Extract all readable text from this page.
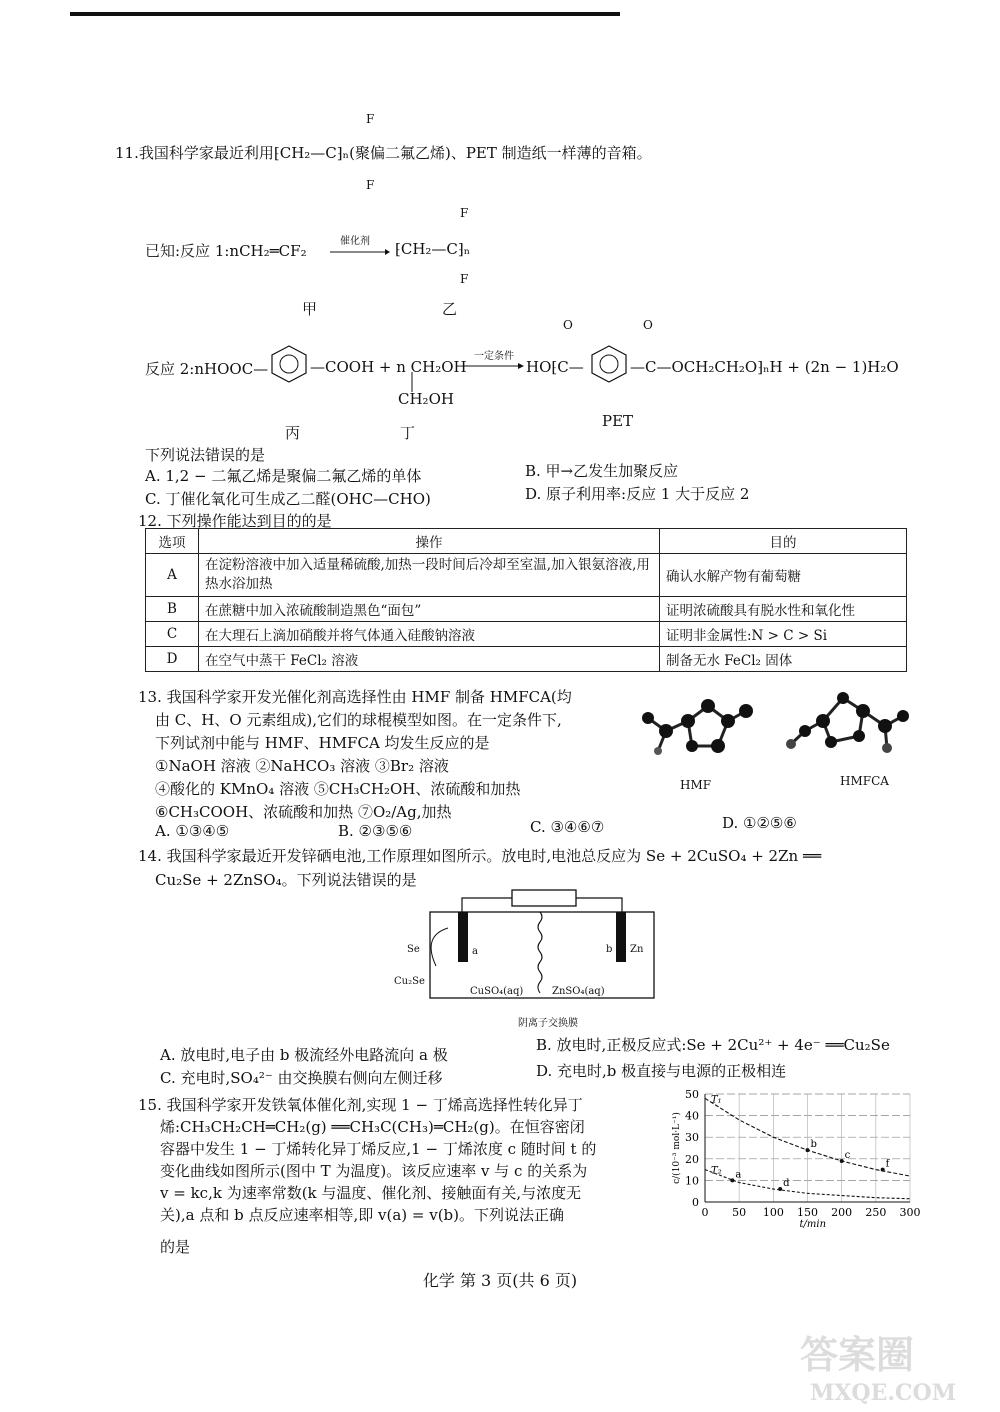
11.我国科学家最近利用⁅CH₂—C⁆ₙ(聚偏二氟乙烯)、PET 制造纸一样薄的音箱。
F
F
已知:反应 1:nCH₂═CF₂
催化剂 ⁅CH₂—C⁆ₙ
F
F
甲	乙
反应 2:nHOOC—	—COOH + n CH₂OH
CH₂OH
一定条件
HO⁅C—
O
—C—OCH₂CH₂O⁆ₙH + (2n − 1)H₂O
O
丙	丁
PET
下列说法错误的是
A. 1,2 − 二氟乙烯是聚偏二氟乙烯的单体	B. 甲→乙发生加聚反应
C. 丁催化氧化可生成乙二醛(OHC—CHO)	D. 原子利用率:反应 1 大于反应 2
12. 下列操作能达到目的的是
选项	操作	目的
A	在淀粉溶液中加入适量稀硫酸,加热一段时间后冷却至室温,加入银氨溶液,用热水浴加热	确认水解产物有葡萄糖
B	在蔗糖中加入浓硫酸制造黑色“面包”	证明浓硫酸具有脱水性和氧化性
C	在大理石上滴加硝酸并将气体通入硅酸钠溶液	证明非金属性:N > C > Si
D	在空气中蒸干 FeCl₂ 溶液	制备无水 FeCl₂ 固体
13. 我国科学家开发光催化剂高选择性由 HMF 制备 HMFCA(均
由 C、H、O 元素组成),它们的球棍模型如图。在一定条件下,
下列试剂中能与 HMF、HMFCA 均发生反应的是
①NaOH 溶液 ②NaHCO₃ 溶液 ③Br₂ 溶液
④酸化的 KMnO₄ 溶液 ⑤CH₃CH₂OH、浓硫酸和加热
⑥CH₃COOH、浓硫酸和加热 ⑦O₂/Ag,加热
A. ①③④⑤	B. ②③⑤⑥	C. ③④⑥⑦	D. ①②⑤⑥
HMF	HMFCA
14. 我国科学家最近开发锌硒电池,工作原理如图所示。放电时,电池总反应为 Se + 2CuSO₄ + 2Zn ══
Cu₂Se + 2ZnSO₄。下列说法错误的是
Se
Cu₂Se
a	b Zn
CuSO₄(aq)	ZnSO₄(aq)
阴离子交换膜
A. 放电时,电子由 b 极流经外电路流向 a 极
B. 放电时,正极反应式:Se + 2Cu²⁺ + 4e⁻ ══Cu₂Se
C. 充电时,SO₄²⁻ 由交换膜右侧向左侧迁移	D. 充电时,b 极直接与电源的正极相连
15. 我国科学家开发铁氧体催化剂,实现 1 − 丁烯高选择性转化异丁
烯:CH₃CH₂CH═CH₂(g) ══CH₃C(CH₃)═CH₂(g)。在恒容密闭
容器中发生 1 − 丁烯转化异丁烯反应,1 − 丁烯浓度 c 随时间 t 的
变化曲线如图所示(图中 T 为温度)。该反应速率 v 与 c 的关系为
v = kc,k 为速率常数(k 与温度、催化剂、接触面有关,与浓度无
关),a 点和 b 点反应速率相等,即 v(a) = v(b)。下列说法正确
的是
0
10
20
30
40
50
0 50 100 150 200 250 300
t/min
c/(10⁻³ mol·L⁻¹)
T₁
T₂ a
b
c
d
f
化学 第 3 页(共 6 页)
答案圈
MXQE.COM
